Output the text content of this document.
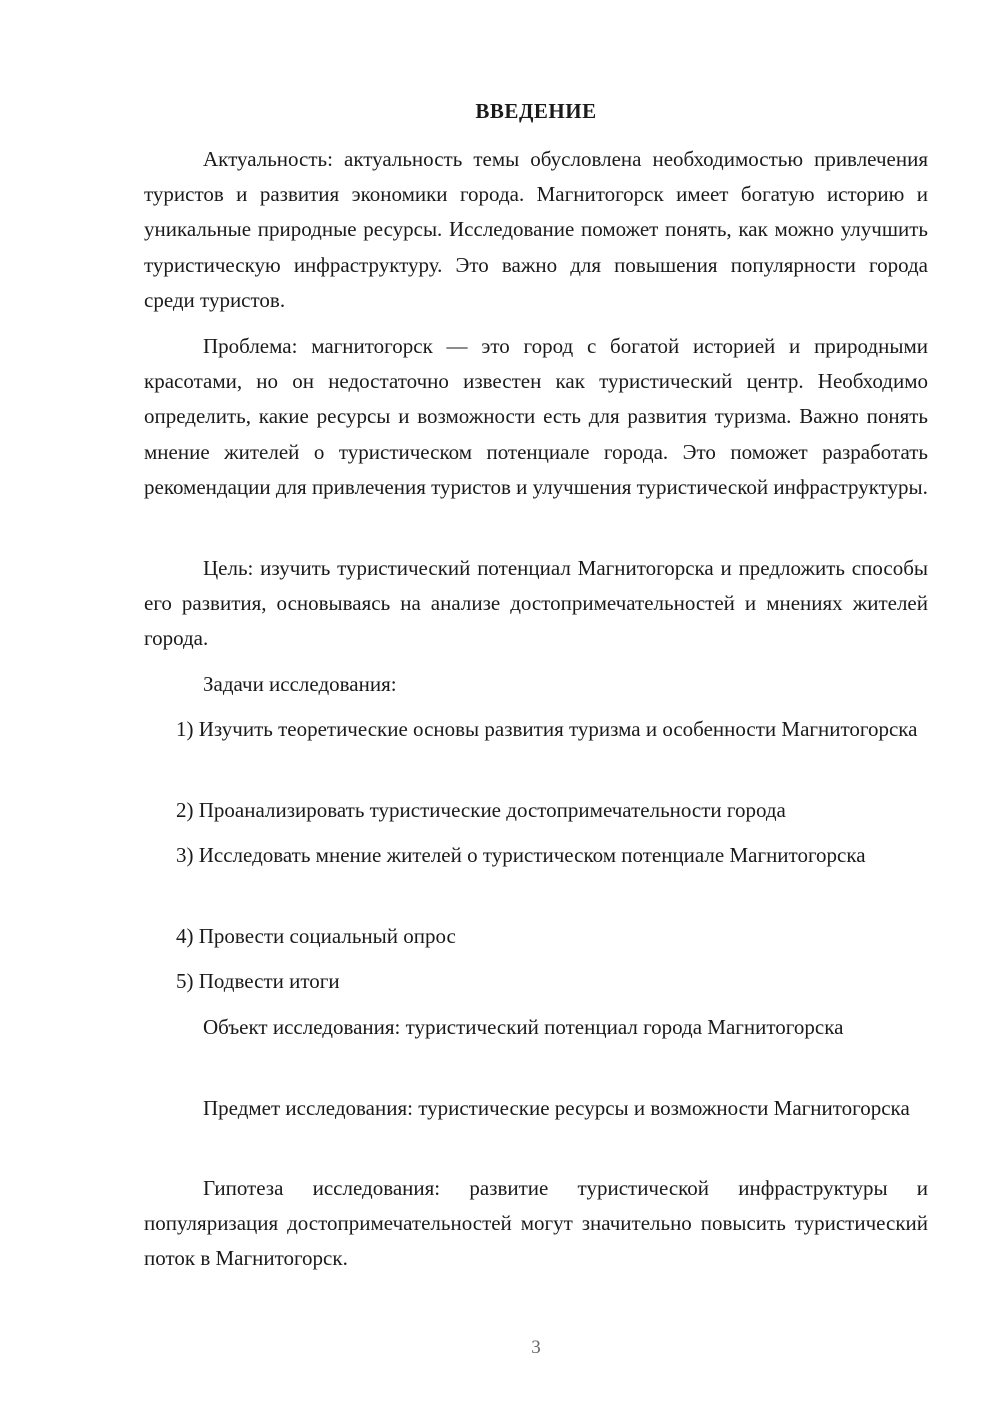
ВВЕДЕНИЕ

Актуальность: актуальность темы обусловлена необходимостью привлечения туристов и развития экономики города. Магнитогорск имеет богатую историю и уникальные природные ресурсы. Исследование поможет понять, как можно улучшить туристическую инфраструктуру. Это важно для повышения популярности города среди туристов.

Проблема: магнитогорск — это город с богатой историей и природными красотами, но он недостаточно известен как туристический центр. Необходимо определить, какие ресурсы и возможности есть для развития туризма. Важно понять мнение жителей о туристическом потенциале города. Это поможет разработать рекомендации для привлечения туристов и улучшения туристической инфраструктуры.

Цель: изучить туристический потенциал Магнитогорска и предложить способы его развития, основываясь на анализе достопримечательностей и мнениях жителей города.

Задачи исследования:

1) Изучить теоретические основы развития туризма и особенности Магнитогорска

2) Проанализировать туристические достопримечательности города

3) Исследовать мнение жителей о туристическом потенциале Магнитогорска

4) Провести социальный опрос

5) Подвести итоги

Объект исследования: туристический потенциал города Магнитогорска

Предмет исследования: туристические ресурсы и возможности Магнитогорска

Гипотеза исследования: развитие туристической инфраструктуры и популяризация достопримечательностей могут значительно повысить туристический поток в Магнитогорск.

3
